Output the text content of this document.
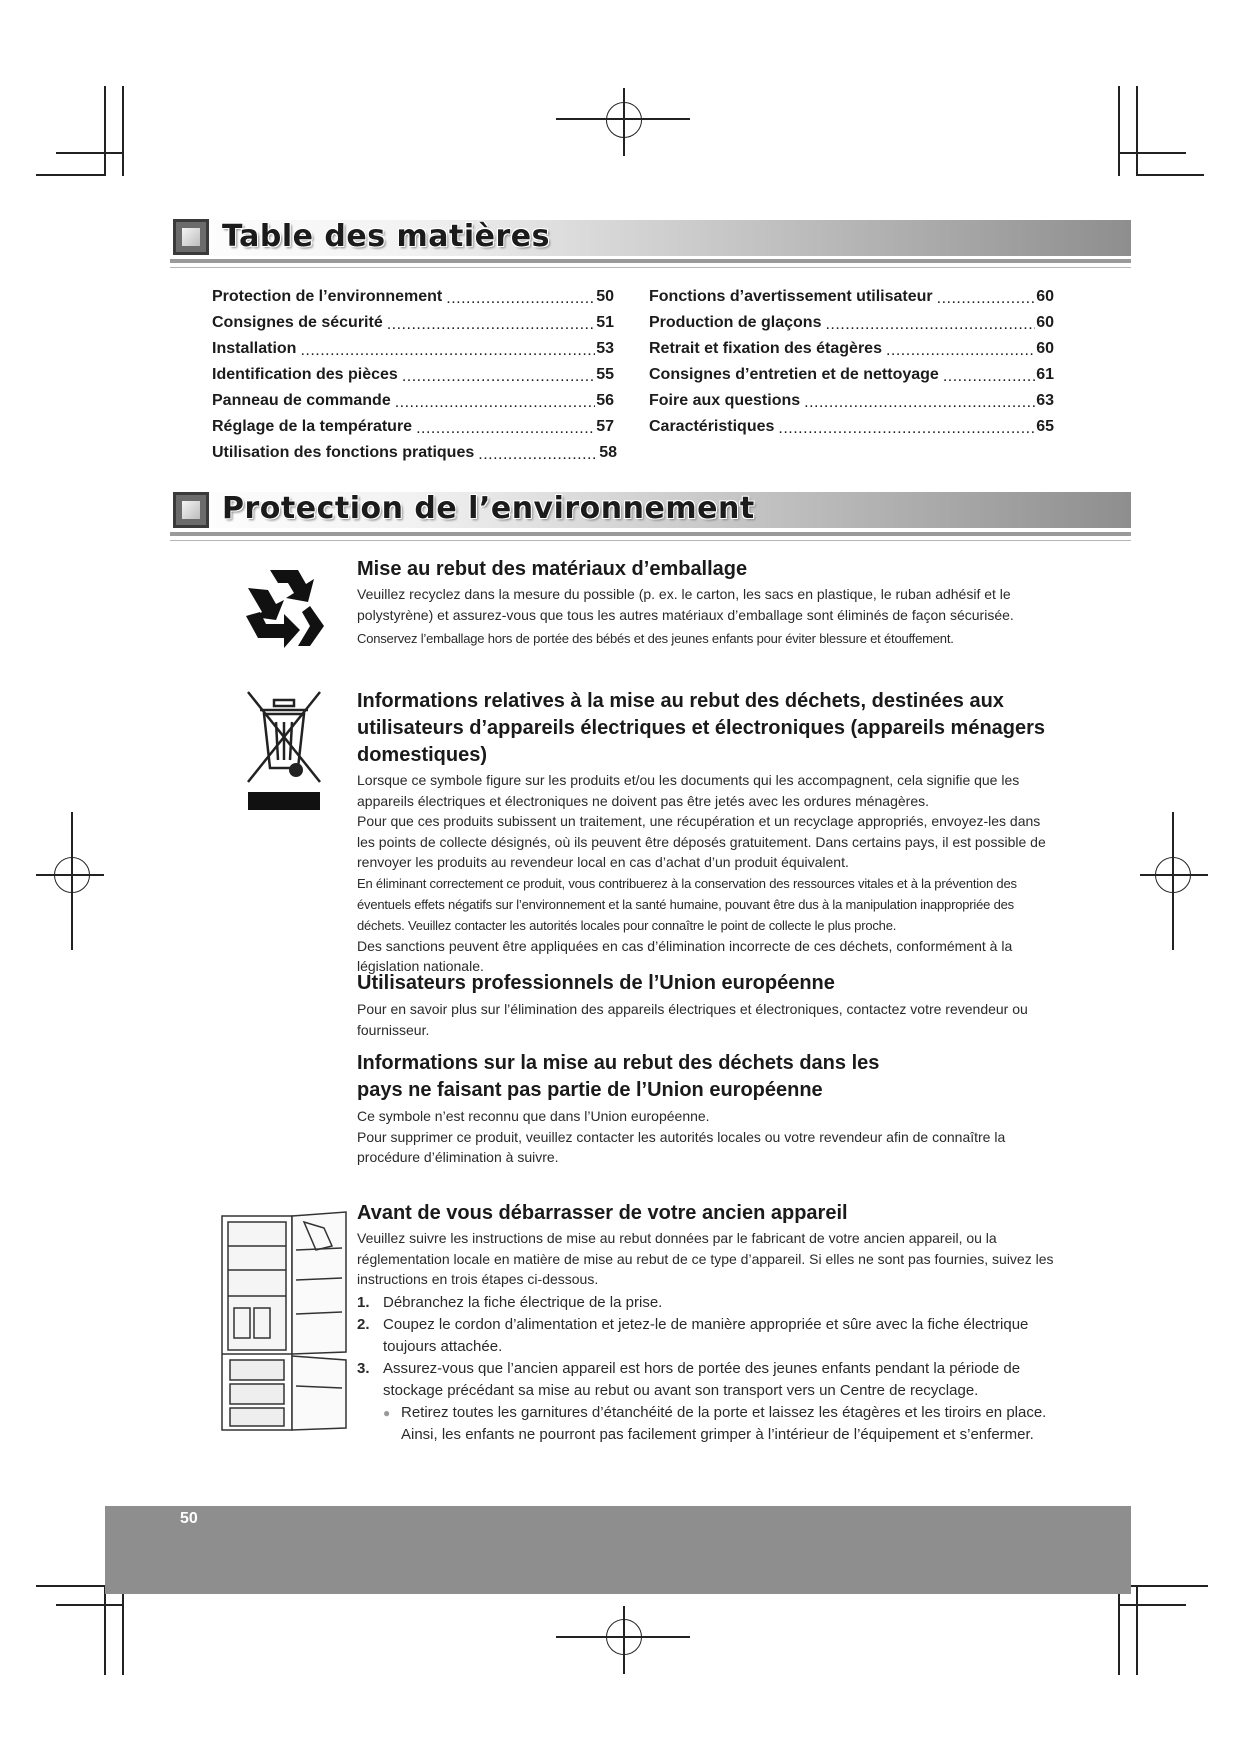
Table des matières
Protection de l’environnement .....	50
Consignes de sécurité .....	51
Installation .....	53
Identification des pièces .....	55
Panneau de commande .....	56
Réglage de la température .....	57
Utilisation des fonctions pratiques .....	58
Fonctions d’avertissement utilisateur .....	60
Production de glaçons .....	60
Retrait et fixation des étagères .....	60
Consignes d’entretien et de nettoyage .....	61
Foire aux questions .....	63
Caractéristiques .....	65
Protection de l’environnement
Mise au rebut des matériaux d’emballage
Veuillez recyclez dans la mesure du possible (p. ex. le carton, les sacs en plastique, le ruban adhésif et le polystyrène) et assurez-vous que tous les autres matériaux d’emballage sont éliminés de façon sécurisée.
Conservez l’emballage hors de portée des bébés et des jeunes enfants pour éviter blessure et étouffement.
Informations relatives à la mise au rebut des déchets, destinées aux utilisateurs d’appareils électriques et électroniques (appareils ménagers domestiques)
Lorsque ce symbole figure sur les produits et/ou les documents qui les accompagnent, cela signifie que les appareils électriques et électroniques ne doivent pas être jetés avec les ordures ménagères.
Pour que ces produits subissent un traitement, une récupération et un recyclage appropriés, envoyez-les dans les points de collecte désignés, où ils peuvent être déposés gratuitement. Dans certains pays, il est possible de renvoyer les produits au revendeur local en cas d’achat d’un produit équivalent.
En éliminant correctement ce produit, vous contribuerez à la conservation des ressources vitales et à la prévention des éventuels effets négatifs sur l’environnement et la santé humaine, pouvant être dus à la manipulation inappropriée des déchets. Veuillez contacter les autorités locales pour connaître le point de collecte le plus proche.
Des sanctions peuvent être appliquées en cas d’élimination incorrecte de ces déchets, conformément à la législation nationale.
Utilisateurs professionnels de l’Union européenne
Pour en savoir plus sur l’élimination des appareils électriques et électroniques, contactez votre revendeur ou fournisseur.
Informations sur la mise au rebut des déchets dans les pays ne faisant pas partie de l’Union européenne
Ce symbole n’est reconnu que dans l’Union européenne.
Pour supprimer ce produit, veuillez contacter les autorités locales ou votre revendeur afin de connaître la procédure d’élimination à suivre.
Avant de vous débarrasser de votre ancien appareil
Veuillez suivre les instructions de mise au rebut données par le fabricant de votre ancien appareil, ou la réglementation locale en matière de mise au rebut de ce type d’appareil. Si elles ne sont pas fournies, suivez les instructions en trois étapes ci-dessous.
1. Débranchez la fiche électrique de la prise.
2. Coupez le cordon d’alimentation et jetez-le de manière appropriée et sûre avec la fiche électrique toujours attachée.
3. Assurez-vous que l’ancien appareil est hors de portée des jeunes enfants pendant la période de stockage précédant sa mise au rebut ou avant son transport vers un Centre de recyclage.
● Retirez toutes les garnitures d’étanchéité de la porte et laissez les étagères et les tiroirs en place. Ainsi, les enfants ne pourront pas facilement grimper à l’intérieur de l’équipement et s’enfermer.
50
